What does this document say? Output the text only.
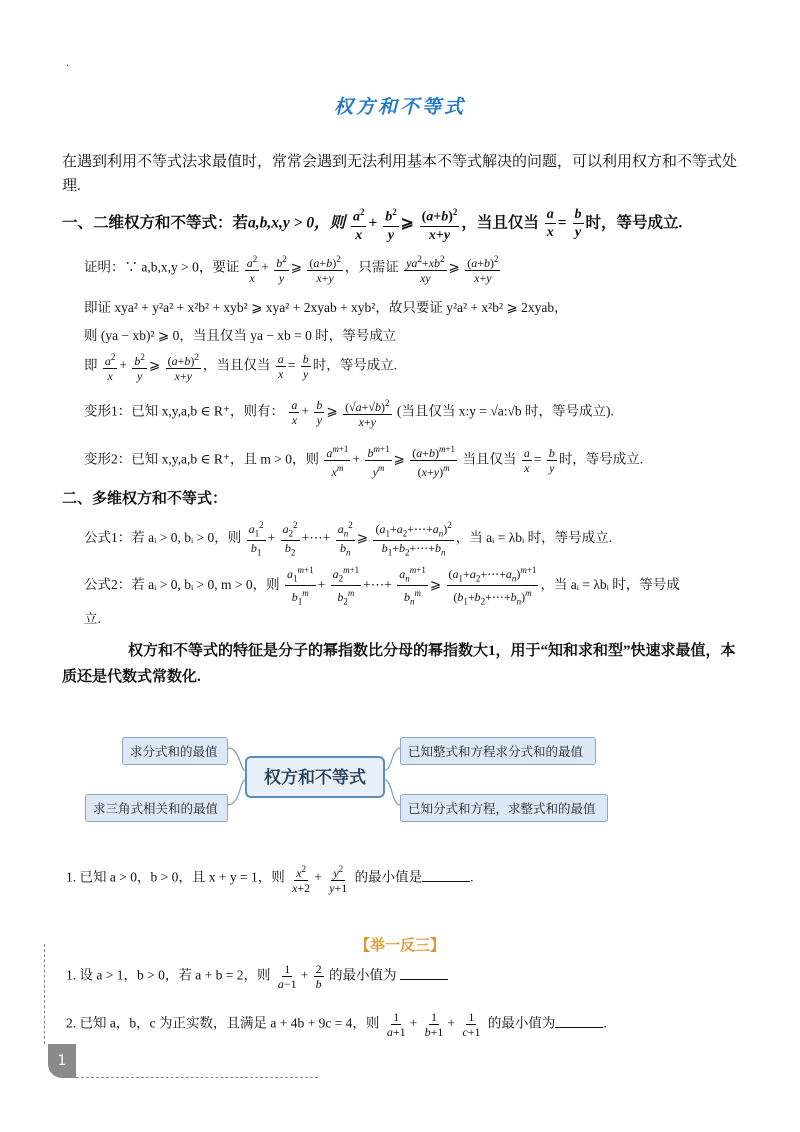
.
权方和不等式
在遇到利用不等式法求最值时，常常会遇到无法利用基本不等式解决的问题，可以利用权方和不等式处理.
一、二维权方和不等式：若a,b,x,y > 0，则 $\frac{a^2}{x} + \frac{b^2}{y}$ ⩾ $\frac{(a+b)^2}{x+y}$ ，当且仅当 $\frac{a}{x} = \frac{b}{y}$ 时，等号成立.
证明：∵ a,b,x,y > 0，要证 $\frac{a^2}{x} + \frac{b^2}{y}$ ⩾ $\frac{(a+b)^2}{x+y}$ ，只需证 $\frac{ya^2+xb^2}{xy}$ ⩾ $\frac{(a+b)^2}{x+y}$
即证 xya² + y²a² + x²b² + xyb² ⩾ xya² + 2xyab + xyb²，故只要证 y²a² + x²b² ⩾ 2xyab，
则 (ya − xb)² ⩾ 0，当且仅当 ya − xb = 0 时，等号成立
即 $\frac{a^2}{x} + \frac{b^2}{y}$ ⩾ $\frac{(a+b)^2}{x+y}$ ，当且仅当 $\frac{a}{x} = \frac{b}{y}$ 时，等号成立.
变形1：已知 x,y,a,b ∈ R⁺，则有： $\frac{a}{x} + \frac{b}{y}$ ⩾ $\frac{(√a+√b)^2}{x+y}$ (当且仅当 x:y = √a:√b 时，等号成立).
变形2：已知 x,y,a,b ∈ R⁺，且 m > 0，则 $\frac{a^{m+1}}{x^m} + \frac{b^{m+1}}{y^m}$ ⩾ $\frac{(a+b)^{m+1}}{(x+y)^m}$ 当且仅当 $\frac{a}{x} = \frac{b}{y}$ 时，等号成立.
二、多维权方和不等式：
公式1：若 aᵢ > 0, bᵢ > 0，则 $\frac{a_1^2}{b_1} + \frac{a_2^2}{b_2}$ +⋯+ $\frac{a_n^2}{b_n}$ ⩾ $\frac{(a_1+a_2+\cdots+a_n)^2}{b_1+b_2+\cdots+b_n}$ ，当 aᵢ = λbᵢ 时，等号成立.
公式2：若 aᵢ > 0, bᵢ > 0, m > 0，则 $\frac{a_1^{m+1}}{b_1^m} + \frac{a_2^{m+1}}{b_2^m}$ +⋯+ $\frac{a_n^{m+1}}{b_n^m}$ ⩾ $\frac{(a_1+a_2+\cdots+a_n)^{m+1}}{(b_1+b_2+\cdots+b_n)^m}$ ，当 aᵢ = λbᵢ 时，等号成
立.
权方和不等式的特征是分子的幂指数比分母的幂指数大1，用于“知和求和型”快速求最值，本质还是代数式常数化.
求分式和的最值
求三角式相关和的最值
权方和不等式
已知整式和方程求分式和的最值
已知分式和方程，求整式和的最值
1. 已知 a > 0，b > 0，且 x + y = 1，则 $\frac{x^2}{x+2} + \frac{y^2}{y+1}$ 的最小值是	.
【举一反三】
1. 设 a > 1，b > 0，若 a + b = 2，则 $\frac{1}{a-1} + \frac{2}{b}$ 的最小值为
2. 已知 a，b，c 为正实数，且满足 a + 4b + 9c = 4，则 $\frac{1}{a+1} + \frac{1}{b+1} + \frac{1}{c+1}$ 的最小值为	.
1
